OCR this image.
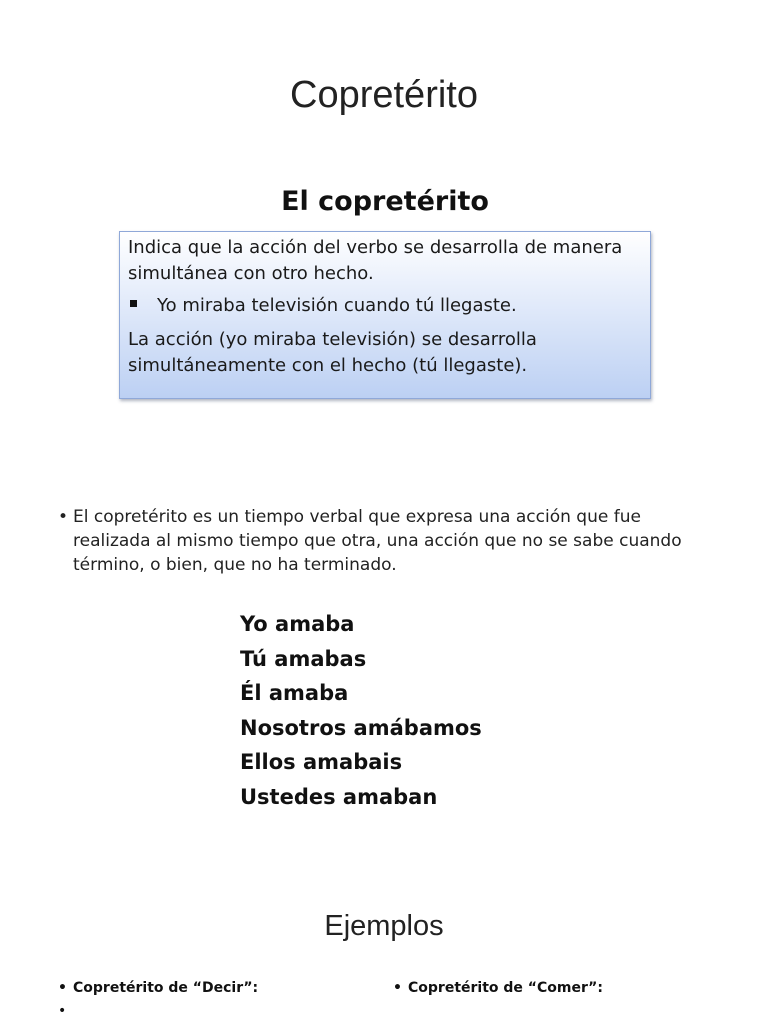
Copretérito
El copretérito

Indica que la acción del verbo se desarrolla de manera simultánea con otro hecho.

Yo miraba televisión cuando tú llegaste.

La acción (yo miraba televisión) se desarrolla simultáneamente con el hecho (tú llegaste).

• El copretérito es un tiempo verbal que expresa una acción que fue realizada al mismo tiempo que otra, una acción que no se sabe cuando término, o bien, que no ha terminado.
Yo amaba
Tú amabas
Él amaba
Nosotros amábamos
Ellos amabais
Ustedes amaban
Ejemplos
• Copretérito de “Decir”:	• Copretérito de “Comer”:
•
